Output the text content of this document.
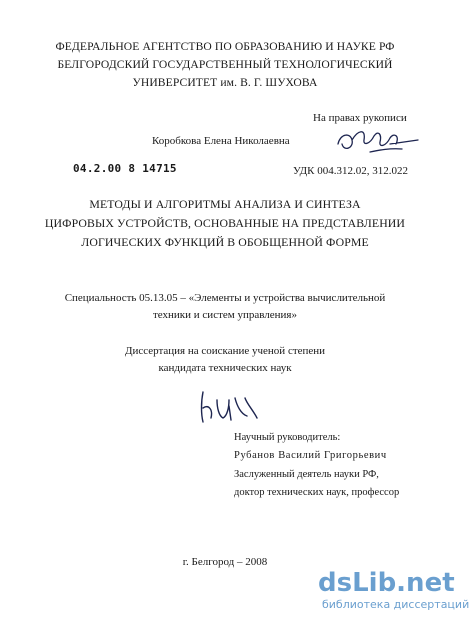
ФЕДЕРАЛЬНОЕ АГЕНТСТВО ПО ОБРАЗОВАНИЮ И НАУКЕ РФ
БЕЛГОРОДСКИЙ ГОСУДАРСТВЕННЫЙ ТЕХНОЛОГИЧЕСКИЙ
УНИВЕРСИТЕТ им. В. Г. ШУХОВА
На правах рукописи
Коробкова Елена Николаевна
04.2.00 8 14715	УДК 004.312.02, 312.022
МЕТОДЫ И АЛГОРИТМЫ АНАЛИЗА И СИНТЕЗА
ЦИФРОВЫХ УСТРОЙСТВ, ОСНОВАННЫЕ НА ПРЕДСТАВЛЕНИИ
ЛОГИЧЕСКИХ ФУНКЦИЙ В ОБОБЩЕННОЙ ФОРМЕ
Специальность 05.13.05 – «Элементы и устройства вычислительной
техники и систем управления»
Диссертация на соискание ученой степени
кандидата технических наук
Научный руководитель:
Рубанов Василий Григорьевич
Заслуженный деятель науки РФ,
доктор технических наук, профессор
г. Белгород – 2008
dsLib.net
библиотека диссертаций
